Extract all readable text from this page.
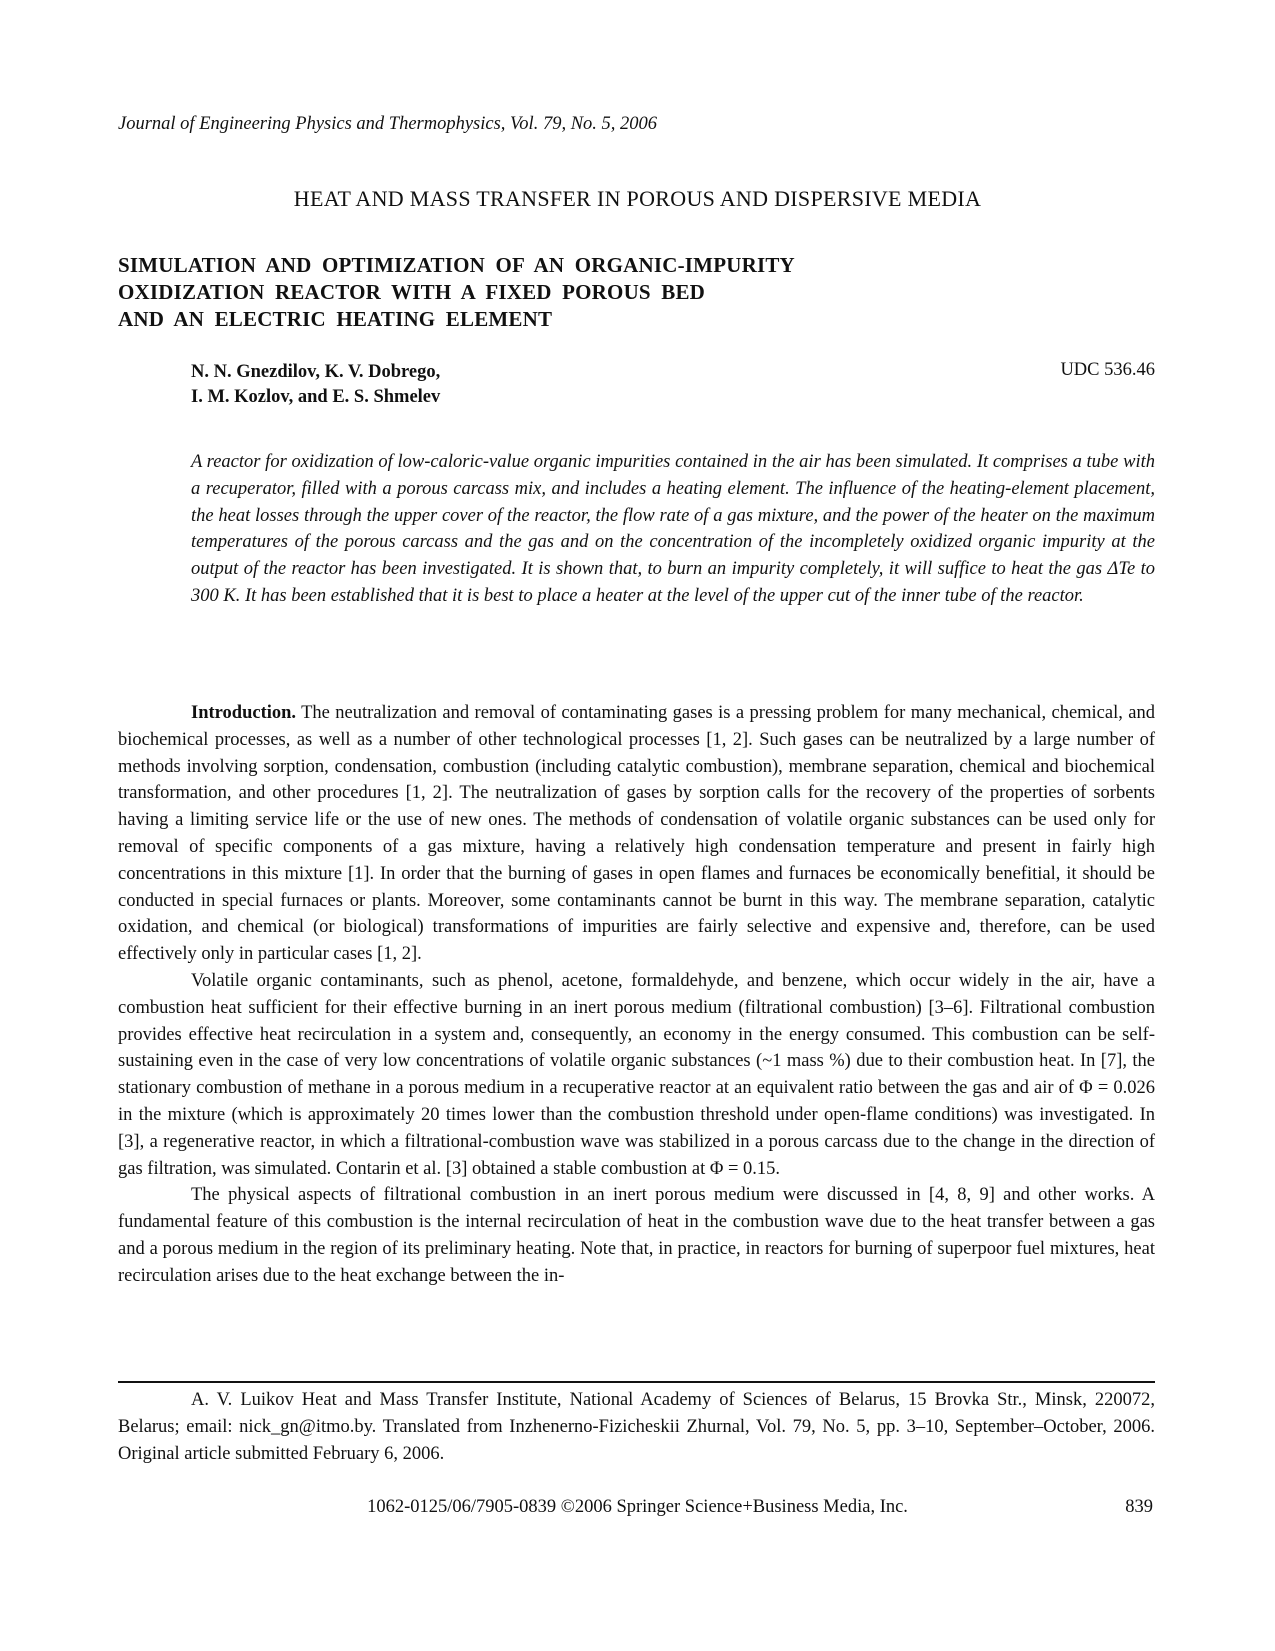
Journal of Engineering Physics and Thermophysics, Vol. 79, No. 5, 2006
HEAT AND MASS TRANSFER IN POROUS AND DISPERSIVE MEDIA
SIMULATION AND OPTIMIZATION OF AN ORGANIC-IMPURITY
OXIDIZATION REACTOR WITH A FIXED POROUS BED
AND AN ELECTRIC HEATING ELEMENT
N. N. Gnezdilov, K. V. Dobrego,
I. M. Kozlov, and E. S. Shmelev
UDC 536.46
A reactor for oxidization of low-caloric-value organic impurities contained in the air has been simulated. It comprises a tube with a recuperator, filled with a porous carcass mix, and includes a heating element. The influence of the heating-element placement, the heat losses through the upper cover of the reactor, the flow rate of a gas mixture, and the power of the heater on the maximum temperatures of the porous carcass and the gas and on the concentration of the incompletely oxidized organic impurity at the output of the reactor has been investigated. It is shown that, to burn an impurity completely, it will suffice to heat the gas ΔTe to 300 K. It has been established that it is best to place a heater at the level of the upper cut of the inner tube of the reactor.

Introduction. The neutralization and removal of contaminating gases is a pressing problem for many mechanical, chemical, and biochemical processes, as well as a number of other technological processes [1, 2]. Such gases can be neutralized by a large number of methods involving sorption, condensation, combustion (including catalytic combustion), membrane separation, chemical and biochemical transformation, and other procedures [1, 2]. The neutralization of gases by sorption calls for the recovery of the properties of sorbents having a limiting service life or the use of new ones. The methods of condensation of volatile organic substances can be used only for removal of specific components of a gas mixture, having a relatively high condensation temperature and present in fairly high concentrations in this mixture [1]. In order that the burning of gases in open flames and furnaces be economically benefitial, it should be conducted in special furnaces or plants. Moreover, some contaminants cannot be burnt in this way. The membrane separation, catalytic oxidation, and chemical (or biological) transformations of impurities are fairly selective and expensive and, therefore, can be used effectively only in particular cases [1, 2].

Volatile organic contaminants, such as phenol, acetone, formaldehyde, and benzene, which occur widely in the air, have a combustion heat sufficient for their effective burning in an inert porous medium (filtrational combustion) [3–6]. Filtrational combustion provides effective heat recirculation in a system and, consequently, an economy in the energy consumed. This combustion can be self-sustaining even in the case of very low concentrations of volatile organic substances (~1 mass %) due to their combustion heat. In [7], the stationary combustion of methane in a porous medium in a recuperative reactor at an equivalent ratio between the gas and air of Φ = 0.026 in the mixture (which is approximately 20 times lower than the combustion threshold under open-flame conditions) was investigated. In [3], a regenerative reactor, in which a filtrational-combustion wave was stabilized in a porous carcass due to the change in the direction of gas filtration, was simulated. Contarin et al. [3] obtained a stable combustion at Φ = 0.15.

The physical aspects of filtrational combustion in an inert porous medium were discussed in [4, 8, 9] and other works. A fundamental feature of this combustion is the internal recirculation of heat in the combustion wave due to the heat transfer between a gas and a porous medium in the region of its preliminary heating. Note that, in practice, in reactors for burning of superpoor fuel mixtures, heat recirculation arises due to the heat exchange between the in-

A. V. Luikov Heat and Mass Transfer Institute, National Academy of Sciences of Belarus, 15 Brovka Str., Minsk, 220072, Belarus; email: nick_gn@itmo.by. Translated from Inzhenerno-Fizicheskii Zhurnal, Vol. 79, No. 5, pp. 3–10, September–October, 2006. Original article submitted February 6, 2006.

1062-0125/06/7905-0839 ©2006 Springer Science+Business Media, Inc.	839
